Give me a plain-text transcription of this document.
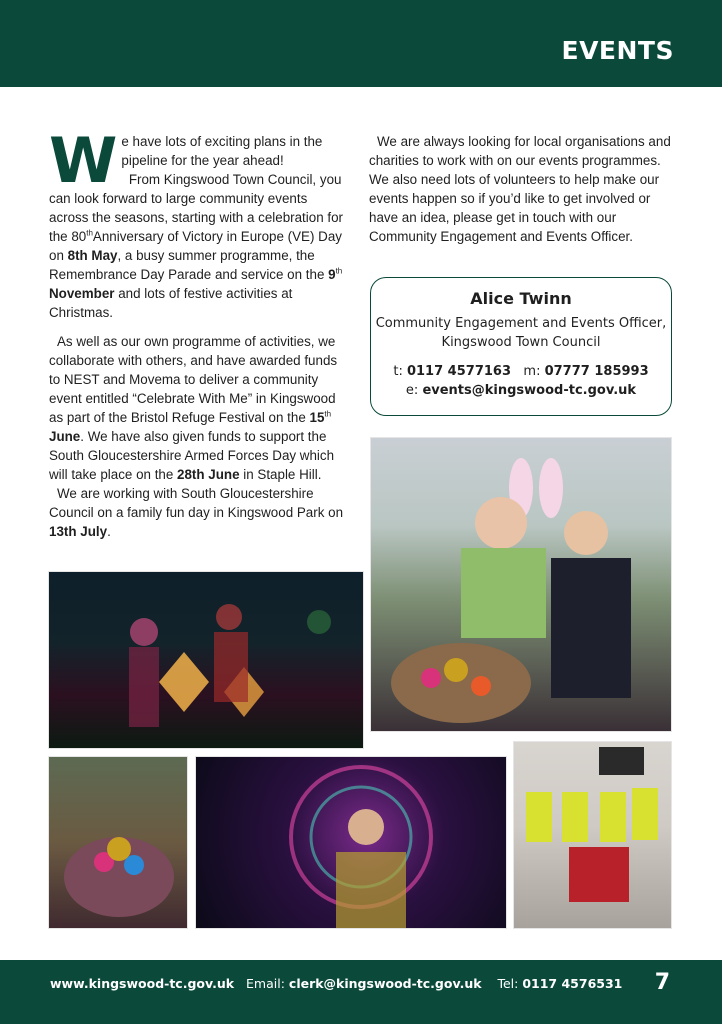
EVENTS

We have lots of exciting plans in the pipeline for the year ahead!
From Kingswood Town Council, you can look forward to large community events across the seasons, starting with a celebration for the 80thAnniversary of Victory in Europe (VE) Day on 8th May, a busy summer programme, the Remembrance Day Parade and service on the 9th November and lots of festive activities at Christmas.

As well as our own programme of activities, we collaborate with others, and have awarded funds to NEST and Movema to deliver a community event entitled “Celebrate With Me” in Kingswood as part of the Bristol Refuge Festival on the 15th June. We have also given funds to support the South Gloucestershire Armed Forces Day which will take place on the 28th June in Staple Hill.

We are working with South Gloucestershire Council on a family fun day in Kingswood Park on 13th July.

We are always looking for local organisations and charities to work with on our events programmes. We also need lots of volunteers to help make our events happen so if you’d like to get involved or have an idea, please get in touch with our Community Engagement and Events Officer.

Alice Twinn
Community Engagement and Events Officer,
Kingswood Town Council
t: 0117 4577163 m: 07777 185993
e: events@kingswood-tc.gov.uk
www.kingswood-tc.gov.uk Email: clerk@kingswood-tc.gov.uk Tel: 0117 4576531 7
